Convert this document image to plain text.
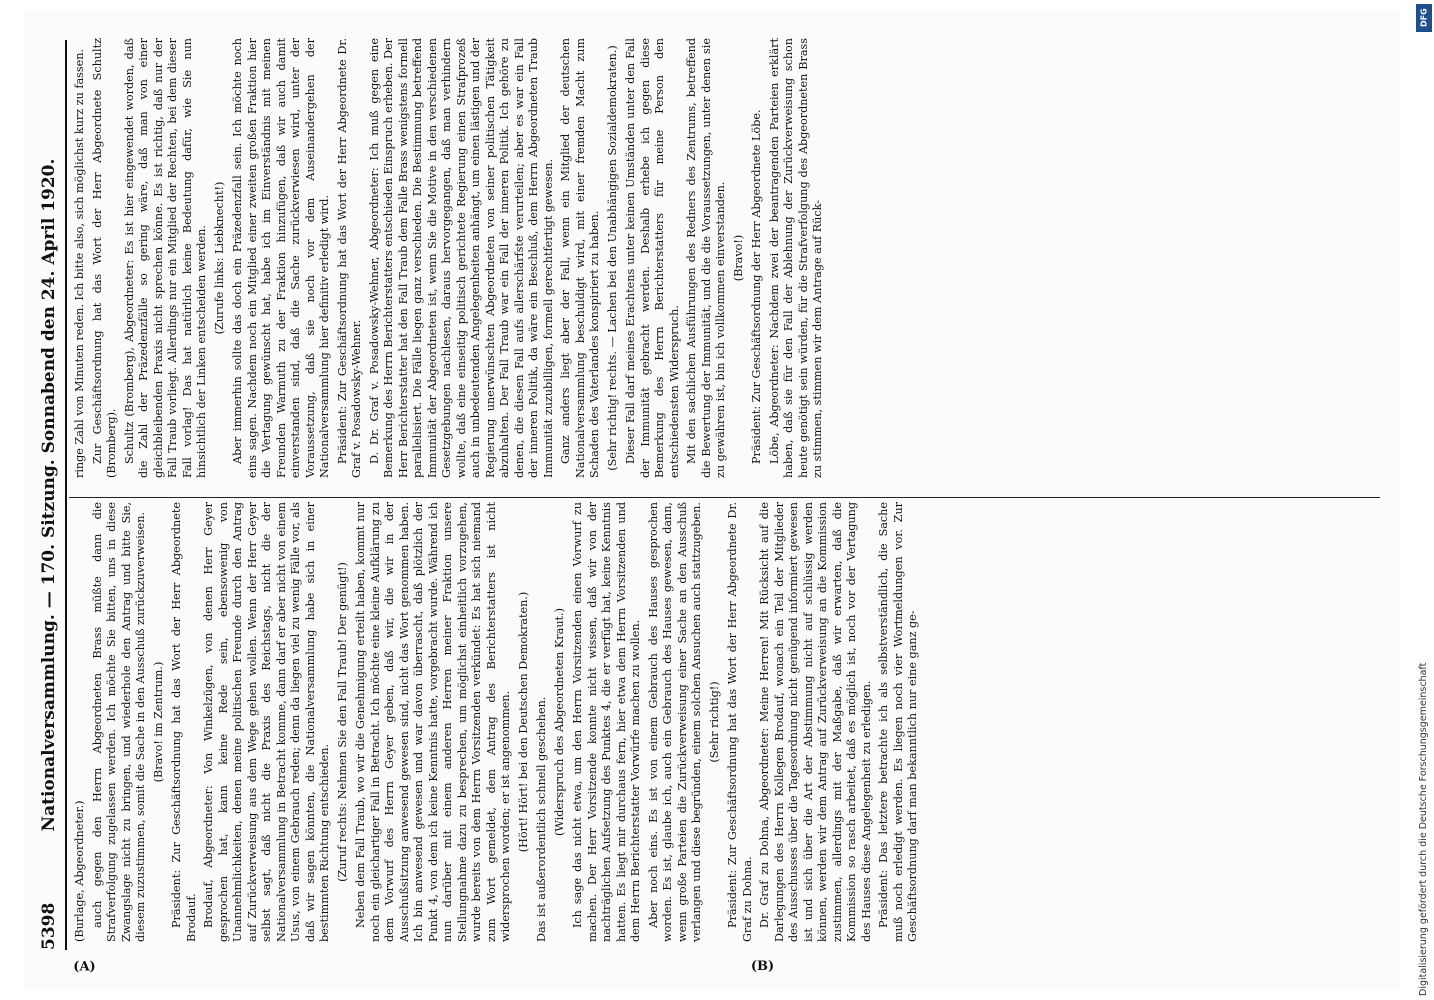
5398
Nationalversammlung. — 170. Sitzung. Sonnabend den 24. April 1920.
(A)	(B)

(Burlage, Abgeordneter.) auch gegen den Herrn Abgeordneten Brass müßte dann die Strafverfolgung zugelassen werden. Ich möchte Sie bitten, uns in diese Zwangslage nicht zu bringen, und wiederhole den Antrag und bitte Sie, diesem zuzustimmen, somit die Sache in den Ausschuß zurückzuverweisen. (Bravo! im Zentrum.) Präsident: Zur Geschäftsordnung hat das Wort der Herr Abgeordnete Brodauf. Brodauf, Abgeordneter: Von Winkelzügen, von denen Herr Geyer gesprochen hat, kann keine Rede sein, ebensowenig von Unannehmlichkeiten, denen meine politischen Freunde durch den Antrag auf Zurückverweisung aus dem Wege gehen wollen. Wenn der Herr Geyer selbst sagt, daß nicht die Praxis des Reichstags, nicht die der Nationalversammlung in Betracht komme, dann darf er aber nicht von einem Usus, von einem Gebrauch reden; denn da liegen viel zu wenig Fälle vor, als daß wir sagen könnten, die Nationalversammlung habe sich in einer bestimmten Richtung entschieden. (Zuruf rechts: Nehmen Sie den Fall Traub! Der genügt!) Neben dem Fall Traub, wo wir die Genehmigung erteilt haben, kommt nur noch ein gleichartiger Fall in Betracht. Ich möchte eine kleine Aufklärung zu dem Vorwurf des Herrn Geyer geben, daß wir, die wir in der Ausschußsitzung anwesend gewesen sind, nicht das Wort genommen haben. Ich bin anwesend gewesen und war davon überrascht, daß plötzlich der Punkt 4, von dem ich keine Kenntnis hatte, vorgebracht wurde. Während ich nun darüber mit einem anderen Herren meiner Fraktion unsere Stellungnahme dazu zu besprechen, um möglichst einheitlich vorzugehen, wurde bereits von dem Herrn Vorsitzenden verkündet: Es hat sich niemand zum Wort gemeldet, dem Antrag des Berichterstatters ist nicht widersprochen worden; er ist angenommen. (Hört! Hört! bei den Deutschen Demokraten.) Das ist außerordentlich schnell geschehen. (Widerspruch des Abgeordneten Kraut.) Ich sage das nicht etwa, um den Herrn Vorsitzenden einen Vorwurf zu machen. Der Herr Vorsitzende konnte nicht wissen, daß wir von der nachträglichen Aufsetzung des Punktes 4, die er verfügt hat, keine Kenntnis hatten. Es liegt mir durchaus fern, hier etwa dem Herrn Vorsitzenden und dem Herrn Berichterstatter Vorwürfe machen zu wollen. Aber noch eins. Es ist von einem Gebrauch des Hauses gesprochen worden. Es ist, glaube ich, auch ein Gebrauch des Hauses gewesen, dann, wenn große Parteien die Zurückverweisung einer Sache an den Ausschuß verlangen und diese begründen, einem solchen Ansuchen auch stattzugeben. (Sehr richtig!) Präsident: Zur Geschäftsordnung hat das Wort der Herr Abgeordnete Dr. Graf zu Dohna. Dr. Graf zu Dohna, Abgeordneter: Meine Herren! Mit Rücksicht auf die Darlegungen des Herrn Kollegen Brodauf, wonach ein Teil der Mitglieder des Ausschusses über die Tagesordnung nicht genügend informiert gewesen ist und sich über die Art der Abstimmung nicht auf schlüssig werden können, werden wir dem Antrag auf Zurückverweisung an die Kommission zustimmen, allerdings mit der Maßgabe, daß wir erwarten, daß die Kommission so rasch arbeitet, daß es möglich ist, noch vor der Vertagung des Hauses diese Angelegenheit zu erledigen. Präsident: Das letztere betrachte ich als selbstverständlich, die Sache muß noch erledigt werden. Es liegen noch vier Wortmeldungen vor. Zur Geschäftsordnung darf man bekanntlich nur eine ganz ge-

ringe Zahl von Minuten reden. Ich bitte also, sich möglichst kurz zu fassen. Zur Geschäftsordnung hat das Wort der Herr Abgeordnete Schultz (Bromberg). Schultz (Bromberg), Abgeordneter: Es ist hier eingewendet worden, daß die Zahl der Präzedenzfälle so gering wäre, daß man von einer gleichbleibenden Praxis nicht sprechen könne. Es ist richtig, daß nur der Fall Traub vorliegt. Allerdings nur ein Mitglied der Rechten, bei dem dieser Fall vorlag! Das hat natürlich keine Bedeutung dafür, wie Sie nun hinsichtlich der Linken entscheiden werden. (Zurufe links: Liebknecht!) Aber immerhin sollte das doch ein Präzedenzfall sein. Ich möchte noch eins sagen. Nachdem noch ein Mitglied einer zweiten großen Fraktion hier die Vertagung gewünscht hat, habe ich im Einverständnis mit meinen Freunden Warmuth zu der Fraktion hinzufügen, daß wir auch damit einverstanden sind, daß die Sache zurückverwiesen wird, unter der Voraussetzung, daß sie noch vor dem Auseinandergehen der Nationalversammlung hier definitiv erledigt wird. Präsident: Zur Geschäftsordnung hat das Wort der Herr Abgeordnete Dr. Graf v. Posadowsky-Wehner. D. Dr. Graf v. Posadowsky-Wehner, Abgeordneter: Ich muß gegen eine Bemerkung des Herrn Berichterstatters entschieden Einspruch erheben. Der Herr Berichterstatter hat den Fall Traub dem Falle Brass wenigstens formell parallelisiert. Die Fälle liegen ganz verschieden. Die Bestimmung betreffend Immunität der Abgeordneten ist, wenn Sie die Motive in den verschiedenen Gesetzgebungen nachlesen, daraus hervorgegangen, daß man verhindern wollte, daß eine einseitig politisch gerichtete Regierung einen Strafprozeß auch in unbedeutenden Angelegenheiten anhängt, um einen lästigen und der Regierung unerwünschten Abgeordneten von seiner politischen Tätigkeit abzuhalten. Der Fall Traub war ein Fall der inneren Politik. Ich gehöre zu denen, die diesen Fall aufs allerschärfste verurteilen; aber es war ein Fall der inneren Politik, da wäre ein Beschluß, dem Herrn Abgeordneten Traub Immunität zuzubilligen, formell gerechtfertigt gewesen. Ganz anders liegt aber der Fall, wenn ein Mitglied der deutschen Nationalversammlung beschuldigt wird, mit einer fremden Macht zum Schaden des Vaterlandes konspiriert zu haben. (Sehr richtig! rechts. — Lachen bei den Unabhängigen Sozialdemokraten.) Dieser Fall darf meines Erachtens unter keinen Umständen unter den Fall der Immunität gebracht werden. Deshalb erhebe ich gegen diese Bemerkung des Herrn Berichterstatters für meine Person den entschiedensten Widerspruch. Mit den sachlichen Ausführungen des Redners des Zentrums, betreffend die Bewertung der Immunität, und die die Voraussetzungen, unter denen sie zu gewähren ist, bin ich vollkommen einverstanden. (Bravo!) Präsident: Zur Geschäftsordnung der Herr Abgeordnete Löbe. Löbe, Abgeordneter: Nachdem zwei der beantragenden Parteien erklärt haben, daß sie für den Fall der Ablehnung der Zurückverweisung schon heute genötigt sein würden, für die Strafverfolgung des Abgeordneten Brass zu stimmen, stimmen wir dem Antrage auf Rück-

DFG
Digitalisierung gefördert durch die Deutsche Forschungsgemeinschaft
